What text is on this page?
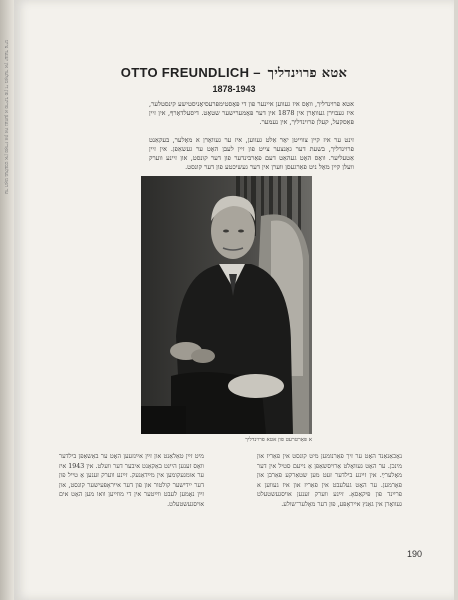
ער האָט געלעבט אין פאַריז און איז געווען א פרײַנד פון די מאָלער אין יענער צייט	OTTO FREUNDLICH – אטא פרוינדליך
1878-1943
אטא פרוינדליך, וואָס איז געווען איינער פון די פּאָסטימפּרעסיאָניסטישע קינסטלער, איז געבוירן געוואָרן אין 1878 אין דער פּאָמערישער שטאָט. דיסעלדאָרף, אין זיין פּאַסקעל, קעלן פרוינדליך, אין נעמער.
זינט ער איז קיין צווייטן יאָר אַלט געווען, איז ער געוואָרן א מאָלער, בעקאַנט פרוינדליך, בשעת דער גאָנצער צייט פון זיין לעבן האָט ער געשאַפן. אין זיין אַטעליער. וואָס האָט געהאַט דעם פאַרבינדער פון דער קונסט, און זיינע ווערק וועלן קיין מאָל ניט פאַרגעסן ווערן אין דער געשיכטע פון דער קונסט.
א פּאָרטרעט פון אטא פרוינדליך
נאָכאַנאַנד האָט ער זיך פאַרנומען מיט קונסט אין פאַריז און מינכן. ער האָט געוואָלט אַרויסשאַפן אַ נייעם סטיל אין דער מאָלערײַ. אין זײַנע בילדער זעט מען שטאַרקע פאַרבן און פאָרמען. ער האָט געלעבט אין פאַריז און איז געווען א פרײַנד פון פּיקאַסאָ. זײַנע ווערק זענען אויסגעשטעלט געוואָרן אין גאַנץ אייראָפּע, פון דער מאָלער־שולע.
מיט זײַן טאַלאַנט און זײַן אײַנזעען האָט ער באַשאַפן בילדער וואָס זענען היינט באַקאַנט איבער דער וועלט. אין 1943 איז ער אומגעקומען אין מײַדאַנעק. זײַנע ווערק זענען אַ טייל פון דער ייִדישער קולטור און פון דער אייראָפּעישער קונסט, און זײַן נאָמען לעבט ווײַטער אין די מוזייען וואו מען האָט אים אויסגעשטעלט.
190
